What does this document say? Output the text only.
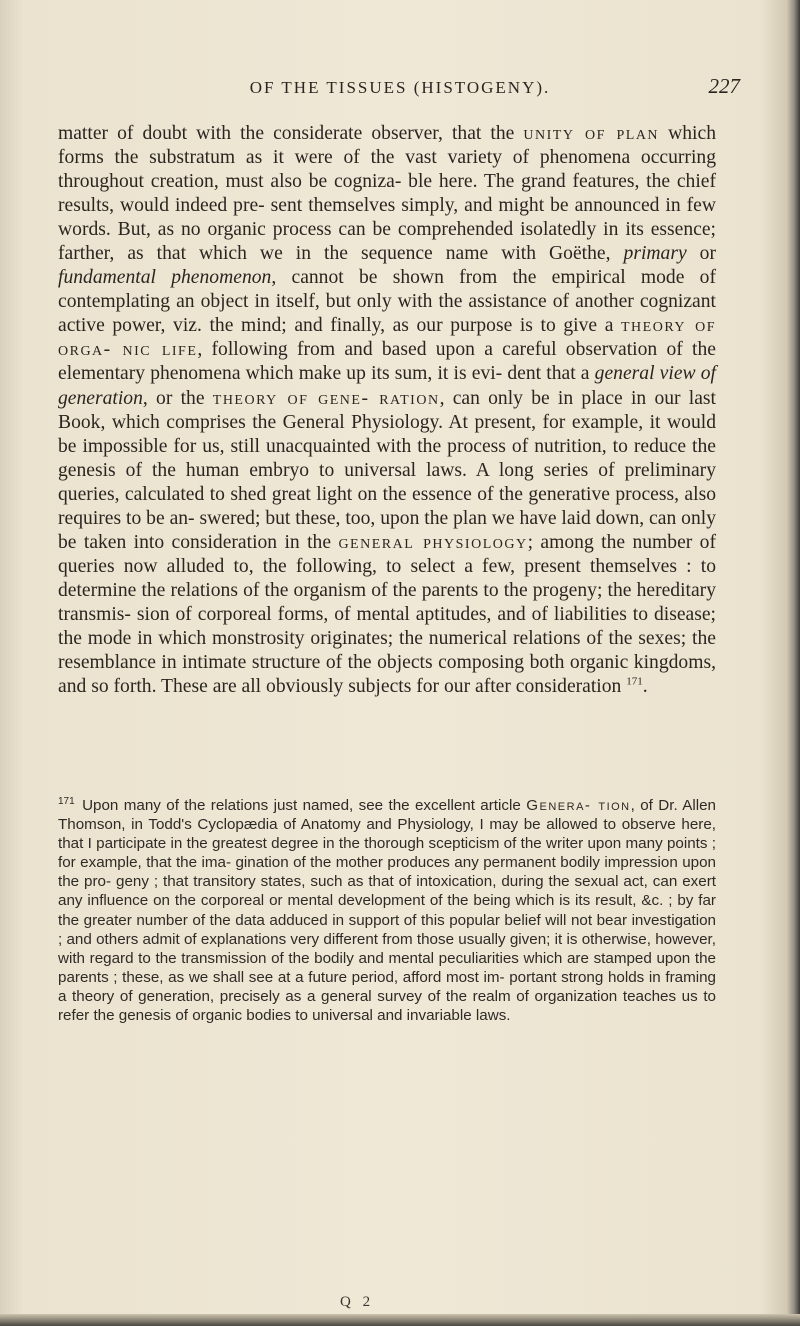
OF THE TISSUES (HISTOGENY).	227

matter of doubt with the considerate observer, that the unity of plan which forms the substratum as it were of the vast variety of phenomena occurring throughout creation, must also be cogniza- ble here. The grand features, the chief results, would indeed pre- sent themselves simply, and might be announced in few words. But, as no organic process can be comprehended isolatedly in its essence; farther, as that which we in the sequence name with Goëthe, primary or fundamental phenomenon, cannot be shown from the empirical mode of contemplating an object in itself, but only with the assistance of another cognizant active power, viz. the mind; and finally, as our purpose is to give a theory of orga- nic life, following from and based upon a careful observation of the elementary phenomena which make up its sum, it is evi- dent that a general view of generation, or the theory of gene- ration, can only be in place in our last Book, which comprises the General Physiology. At present, for example, it would be impossible for us, still unacquainted with the process of nutrition, to reduce the genesis of the human embryo to universal laws. A long series of preliminary queries, calculated to shed great light on the essence of the generative process, also requires to be an- swered; but these, too, upon the plan we have laid down, can only be taken into consideration in the general physiology; among the number of queries now alluded to, the following, to select a few, present themselves : to determine the relations of the organism of the parents to the progeny; the hereditary transmis- sion of corporeal forms, of mental aptitudes, and of liabilities to disease; the mode in which monstrosity originates; the numerical relations of the sexes; the resemblance in intimate structure of the objects composing both organic kingdoms, and so forth. These are all obviously subjects for our after consideration $^{171}$.

$^{171}$ Upon many of the relations just named, see the excellent article Genera- tion, of Dr. Allen Thomson, in Todd's Cyclopædia of Anatomy and Physiology, I may be allowed to observe here, that I participate in the greatest degree in the thorough scepticism of the writer upon many points ; for example, that the ima- gination of the mother produces any permanent bodily impression upon the pro- geny ; that transitory states, such as that of intoxication, during the sexual act, can exert any influence on the corporeal or mental development of the being which is its result, &c. ; by far the greater number of the data adduced in support of this popular belief will not bear investigation ; and others admit of explanations very different from those usually given; it is otherwise, however, with regard to the transmission of the bodily and mental peculiarities which are stamped upon the parents ; these, as we shall see at a future period, afford most im- portant strong holds in framing a theory of generation, precisely as a general survey of the realm of organization teaches us to refer the genesis of organic bodies to universal and invariable laws.

Q 2
